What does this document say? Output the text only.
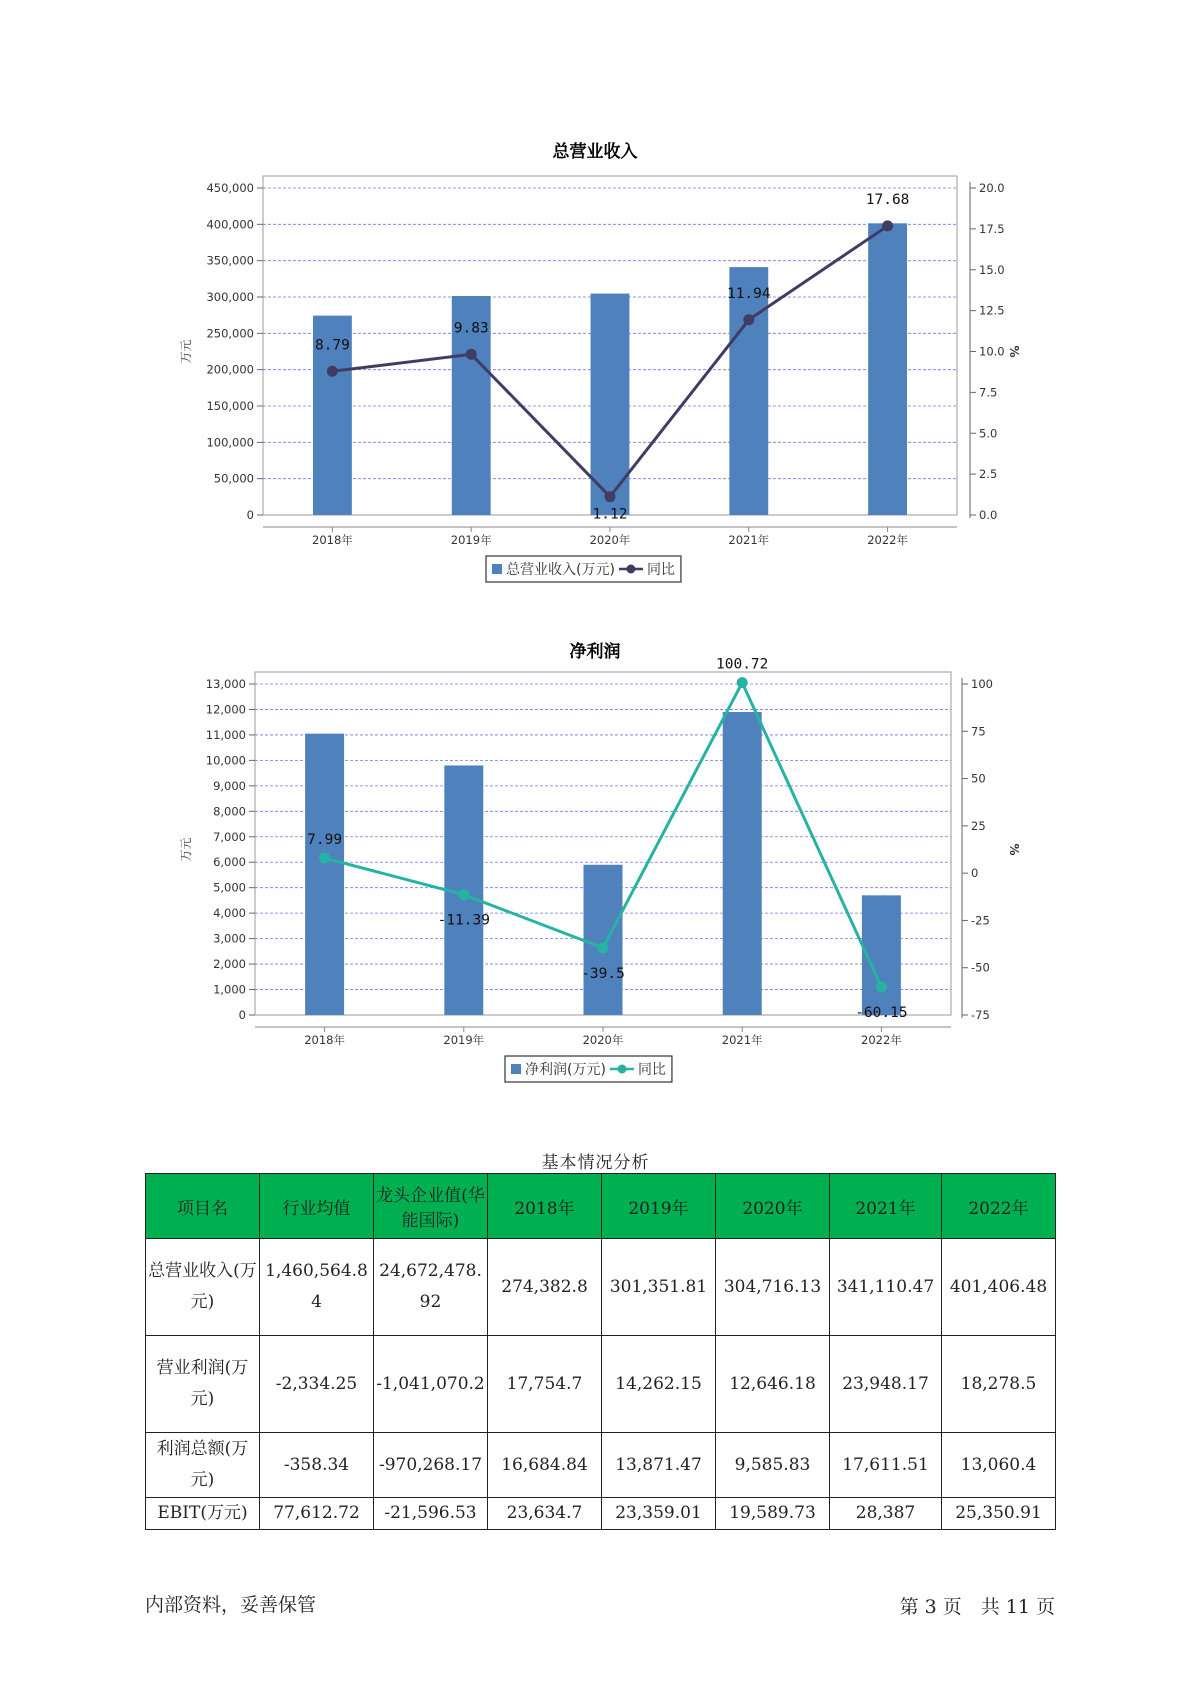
总营业收入
0
50,000
100,000
150,000
200,000
250,000
300,000
350,000
400,000
450,000
0.0
2.5
5.0
7.5
10.0
12.5
15.0
17.5
20.0
万元	%
2018年	2019年	2020年	2021年	2022年
8.79
9.83
1.12
11.94
17.68
总营业收入(万元) 同比
净利润
0
1,000
2,000
3,000
4,000
5,000
6,000
7,000
8,000
9,000
10,000
11,000
12,000
13,000
-75
-50
-25
0
25
50
75
100
万元	%
2018年	2019年	2020年	2021年	2022年
7.99
-11.39
-39.5
100.72
-60.15
净利润(万元) 同比
基本情况分析
项目名	行业均值	龙头企业值(华能国际)	2018年	2019年	2020年	2021年	2022年
总营业收入(万元)	1,460,564.84	24,672,478.92	274,382.8	301,351.81	304,716.13	341,110.47	401,406.48
营业利润(万元)	-2,334.25	-1,041,070.2	17,754.7	14,262.15	12,646.18	23,948.17	18,278.5
利润总额(万元)	-358.34	-970,268.17	16,684.84	13,871.47	9,585.83	17,611.51	13,060.4
EBIT(万元)	77,612.72	-21,596.53	23,634.7	23,359.01	19,589.73	28,387	25,350.91
内部资料，妥善保管	第 3 页　共 11 页
